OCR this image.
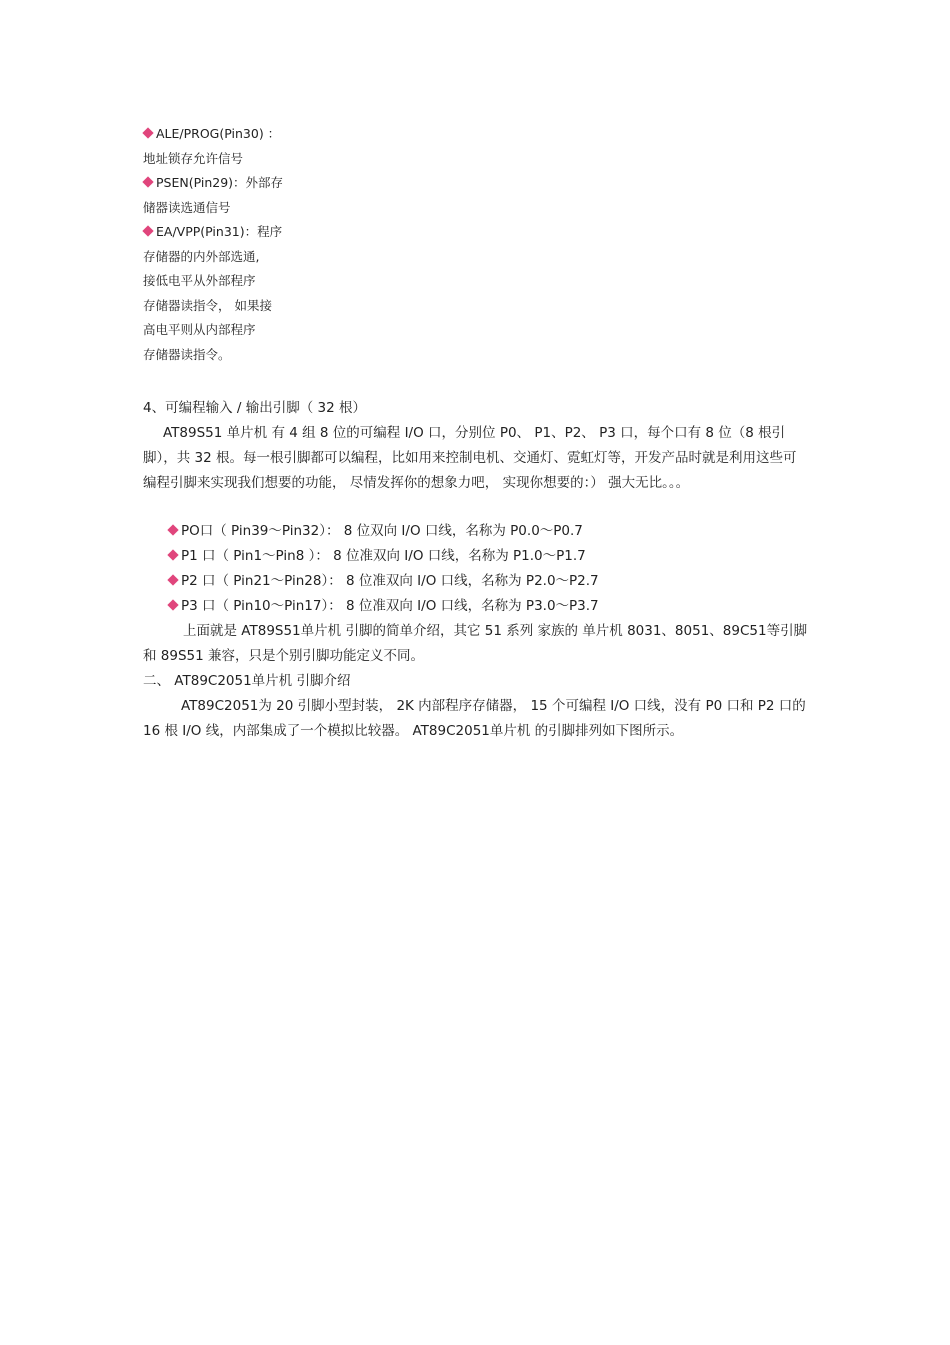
ALE/PROG(Pin30) ：
地址锁存允许信号
PSEN(Pin29)：外部存
储器读选通信号
EA/VPP(Pin31)：程序
存储器的内外部选通,
接低电平从外部程序
存储器读指令， 如果接
高电平则从内部程序
存储器读指令。

4、可编程输入 / 输出引脚（ 32 根）

AT89S51 单片机 有 4 组 8 位的可编程 I/O 口，分别位 P0、 P1、P2、 P3 口，每个口有 8 位（8 根引脚），共 32 根。每一根引脚都可以编程，比如用来控制电机、交通灯、霓虹灯等，开发产品时就是利用这些可编程引脚来实现我们想要的功能， 尽情发挥你的想象力吧， 实现你想要的：） 强大无比。。。

PO口（ Pin39～Pin32）： 8 位双向 I/O 口线，名称为 P0.0～P0.7
P1 口（ Pin1～Pin8 ）： 8 位准双向 I/O 口线，名称为 P1.0～P1.7
P2 口（ Pin21～Pin28）： 8 位准双向 I/O 口线，名称为 P2.0～P2.7
P3 口（ Pin10～Pin17）： 8 位准双向 I/O 口线，名称为 P3.0～P3.7

上面就是 AT89S51单片机 引脚的简单介绍，其它 51 系列 家族的 单片机 8031、8051、89C51等引脚和 89S51 兼容，只是个别引脚功能定义不同。

二、 AT89C2051单片机 引脚介绍

AT89C2051为 20 引脚小型封装， 2K 内部程序存储器， 15 个可编程 I/O 口线，没有 P0 口和 P2 口的 16 根 I/O 线，内部集成了一个模拟比较器。 AT89C2051单片机 的引脚排列如下图所示。
